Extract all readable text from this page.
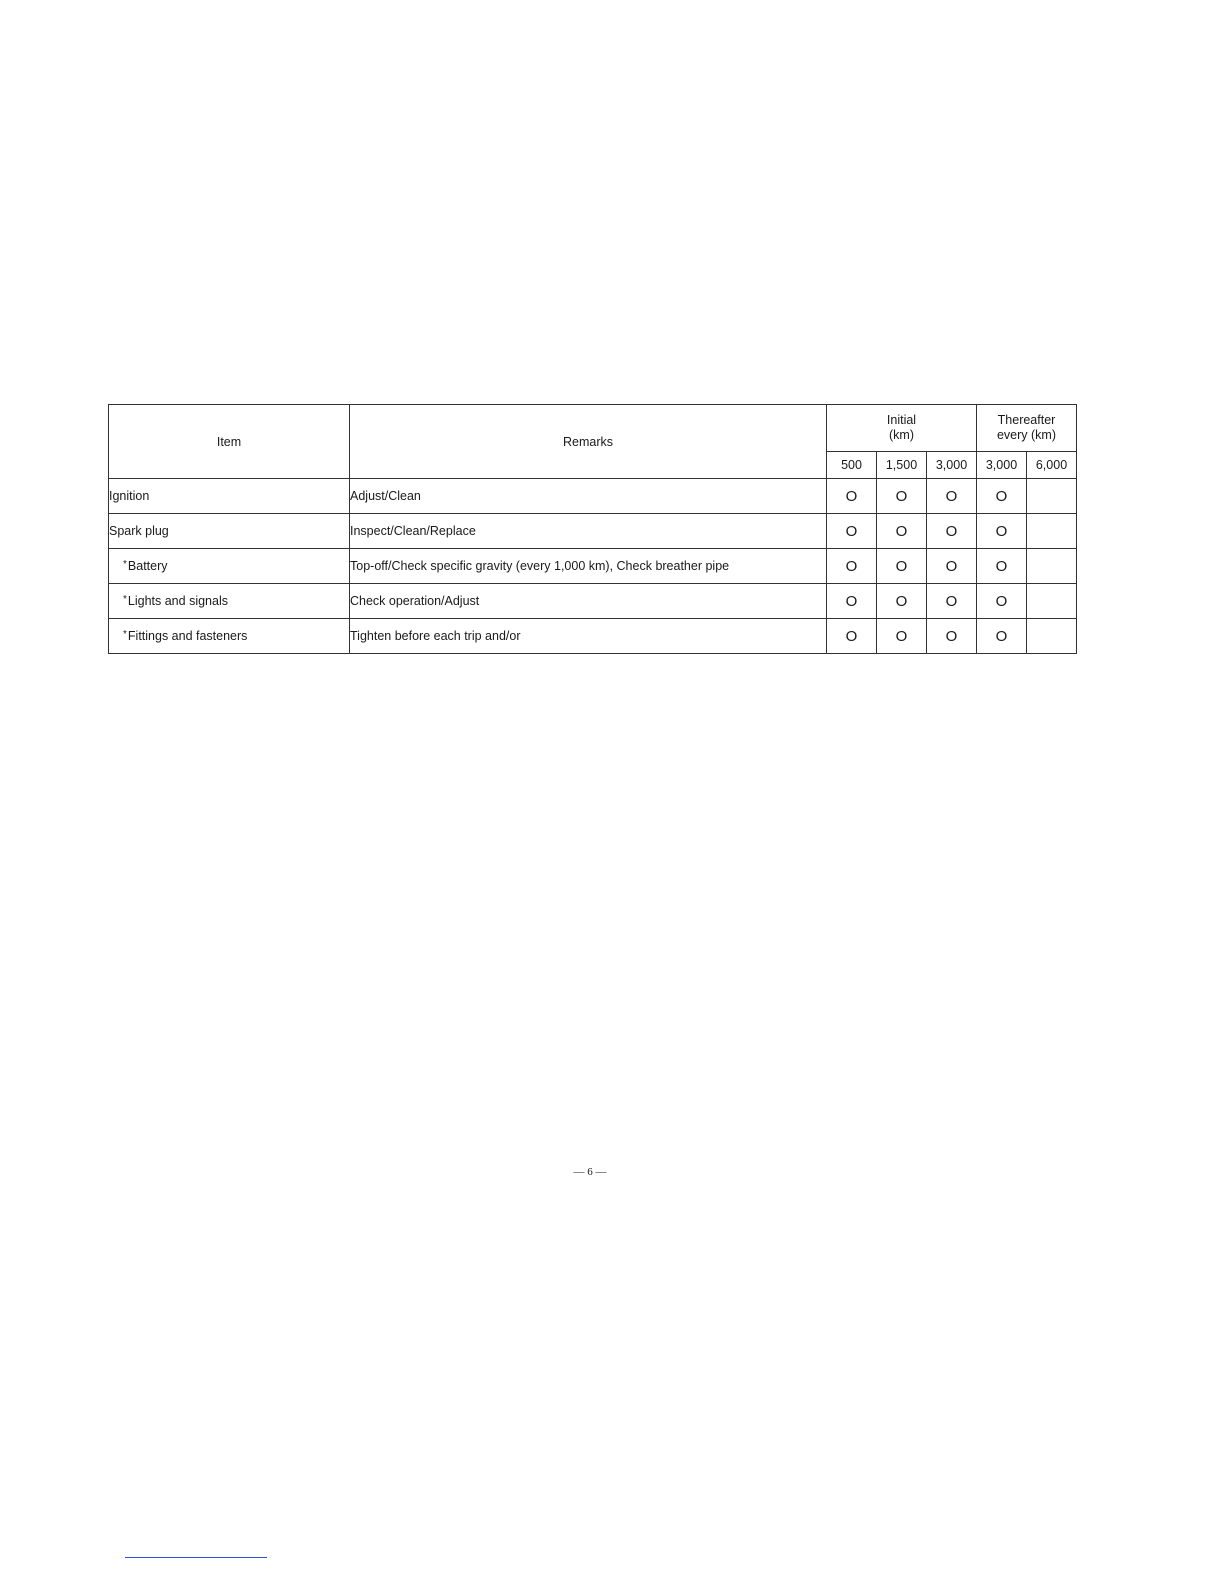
Item	Remarks	Initial
(km)			Thereafter
every (km)	

		500	1,500	3,000	3,000	6,000
Ignition	Adjust/Clean	O	O	O	O	
Spark plug	Inspect/Clean/Replace	O	O	O	O	
*Battery	Top-off/Check specific gravity (every 1,000 km), Check breather pipe	O	O	O	O	
*Lights and signals	Check operation/Adjust	O	O	O	O	
*Fittings and fasteners	Tighten before each trip and/or	O	O	O	O	
— 6 —
